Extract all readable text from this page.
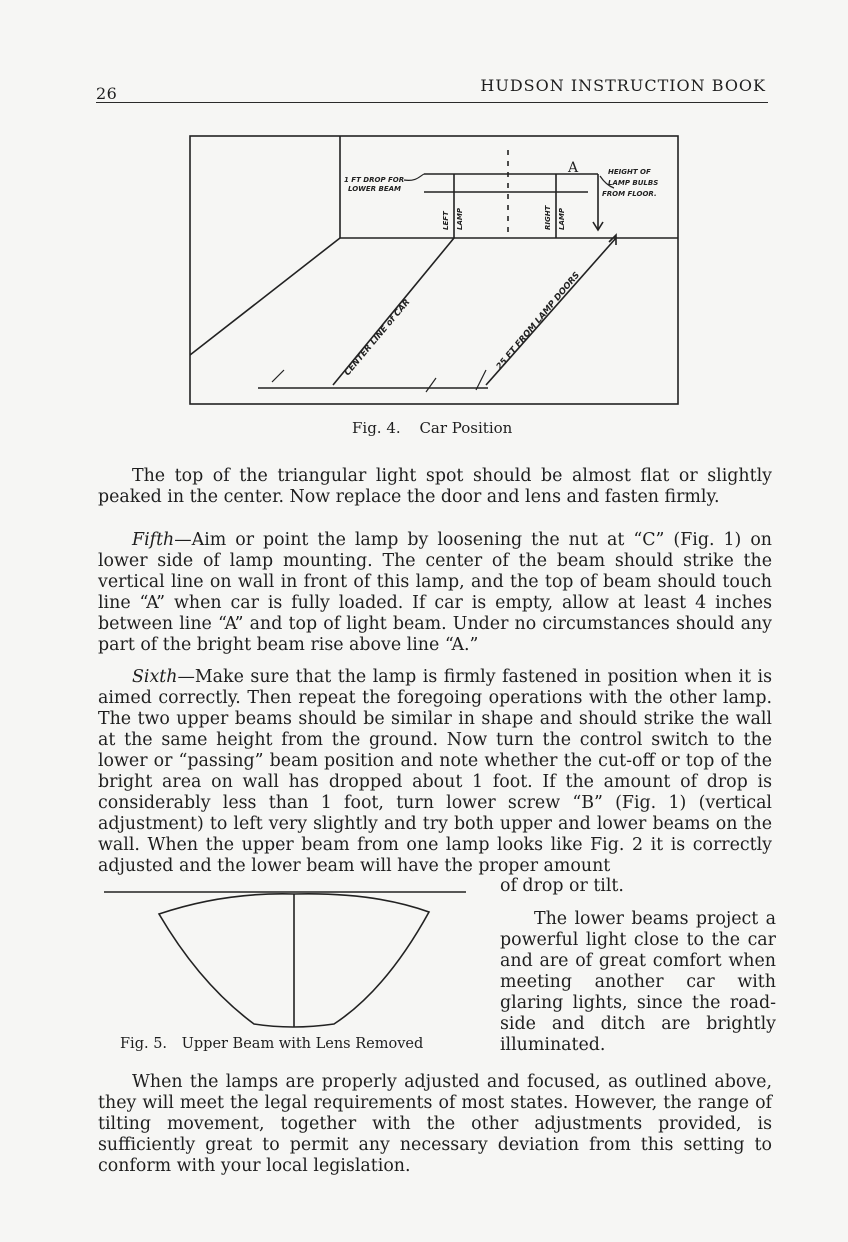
26	HUDSON INSTRUCTION BOOK
1 FT DROP FOR
LOWER BEAM
HEIGHT OF
LAMP BULBS
FROM FLOOR.
LEFT LAMP	RIGHT LAMP
CENTER LINE of CAR	25 FT FROM LAMP DOORS
A
Fig. 4. Car Position

The top of the triangular light spot should be almost flat or slightly peaked in the center. Now replace the door and lens and fasten firmly.

Fifth—Aim or point the lamp by loosening the nut at “C” (Fig. 1) on lower side of lamp mounting. The center of the beam should strike the vertical line on wall in front of this lamp, and the top of beam should touch line “A” when car is fully loaded. If car is empty, allow at least 4 inches between line “A” and top of light beam. Under no circumstances should any part of the bright beam rise above line “A.”

Sixth—Make sure that the lamp is firmly fastened in position when it is aimed correctly. Then repeat the foregoing operations with the other lamp. The two upper beams should be similar in shape and should strike the wall at the same height from the ground. Now turn the control switch to the lower or “passing” beam position and note whether the cut-off or top of the bright area on wall has dropped about 1 foot. If the amount of drop is considerably less than 1 foot, turn lower screw “B” (Fig. 1) (vertical adjustment) to left very slightly and try both upper and lower beams on the wall. When the upper beam from one lamp looks like Fig. 2 it is correctly adjusted and the lower beam will have the proper amount

of drop or tilt.

Fig. 5. Upper Beam with Lens Removed

The lower beams project a powerful light close to the car and are of great comfort when meeting another car with glaring lights, since the road-side and ditch are brightly illuminated.

When the lamps are properly adjusted and focused, as outlined above, they will meet the legal requirements of most states. However, the range of tilting movement, together with the other adjustments provided, is sufficiently great to permit any necessary deviation from this setting to conform with your local legislation.
